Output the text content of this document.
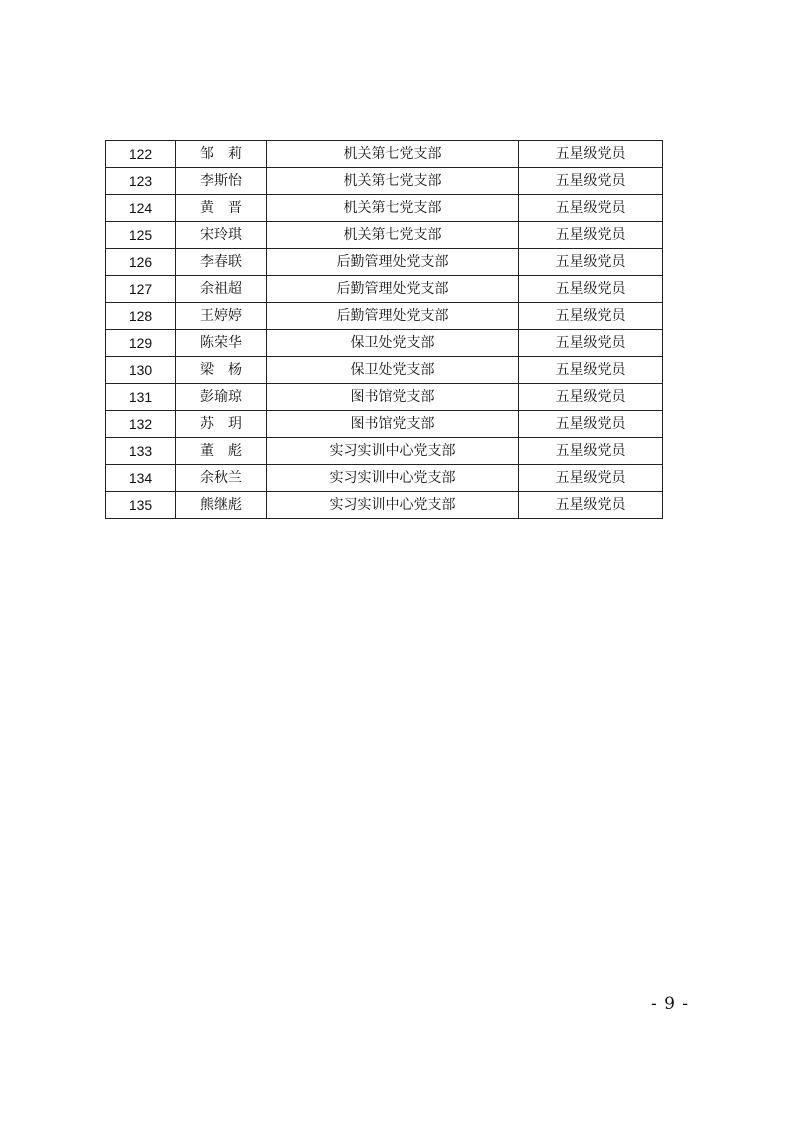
122	邹　莉	机关第七党支部	五星级党员
123	李斯怡	机关第七党支部	五星级党员
124	黄　晋	机关第七党支部	五星级党员
125	宋玲琪	机关第七党支部	五星级党员
126	李春联	后勤管理处党支部	五星级党员
127	余祖超	后勤管理处党支部	五星级党员
128	王婷婷	后勤管理处党支部	五星级党员
129	陈荣华	保卫处党支部	五星级党员
130	梁　杨	保卫处党支部	五星级党员
131	彭瑜琼	图书馆党支部	五星级党员
132	苏　玥	图书馆党支部	五星级党员
133	董　彪	实习实训中心党支部	五星级党员
134	余秋兰	实习实训中心党支部	五星级党员
135	熊继彪	实习实训中心党支部	五星级党员
- 9 -
